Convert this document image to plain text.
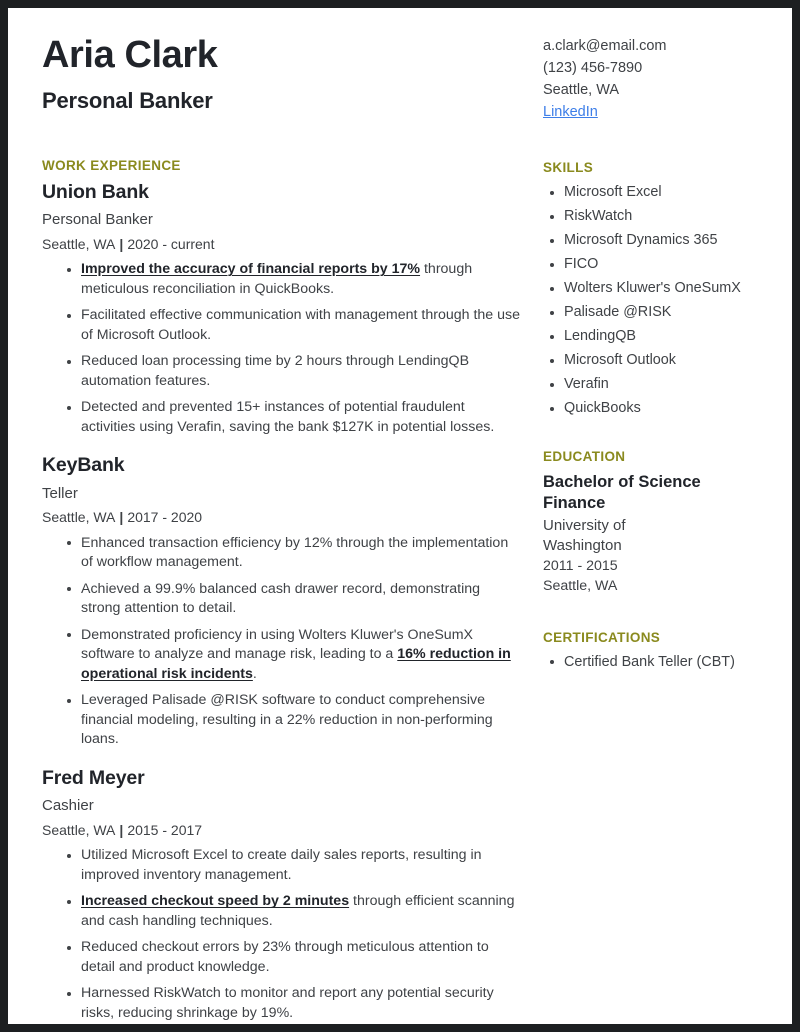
Aria Clark
Personal Banker
WORK EXPERIENCE
Union Bank
Personal Banker
Seattle, WA | 2020 - current
Improved the accuracy of financial reports by 17% through meticulous reconciliation in QuickBooks.
Facilitated effective communication with management through the use of Microsoft Outlook.
Reduced loan processing time by 2 hours through LendingQB automation features.
Detected and prevented 15+ instances of potential fraudulent activities using Verafin, saving the bank $127K in potential losses.
KeyBank
Teller
Seattle, WA | 2017 - 2020
Enhanced transaction efficiency by 12% through the implementation of workflow management.
Achieved a 99.9% balanced cash drawer record, demonstrating strong attention to detail.
Demonstrated proficiency in using Wolters Kluwer's OneSumX software to analyze and manage risk, leading to a 16% reduction in operational risk incidents.
Leveraged Palisade @RISK software to conduct comprehensive financial modeling, resulting in a 22% reduction in non-performing loans.
Fred Meyer
Cashier
Seattle, WA | 2015 - 2017
Utilized Microsoft Excel to create daily sales reports, resulting in improved inventory management.
Increased checkout speed by 2 minutes through efficient scanning and cash handling techniques.
Reduced checkout errors by 23% through meticulous attention to detail and product knowledge.
Harnessed RiskWatch to monitor and report any potential security risks, reducing shrinkage by 19%.
a.clark@email.com
(123) 456-7890
Seattle, WA
LinkedIn
SKILLS
Microsoft Excel
RiskWatch
Microsoft Dynamics 365
FICO
Wolters Kluwer's OneSumX
Palisade @RISK
LendingQB
Microsoft Outlook
Verafin
QuickBooks
EDUCATION

Bachelor of Science

Finance

University of Washington

2011 - 2015

Seattle, WA

CERTIFICATIONS
Certified Bank Teller (CBT)
